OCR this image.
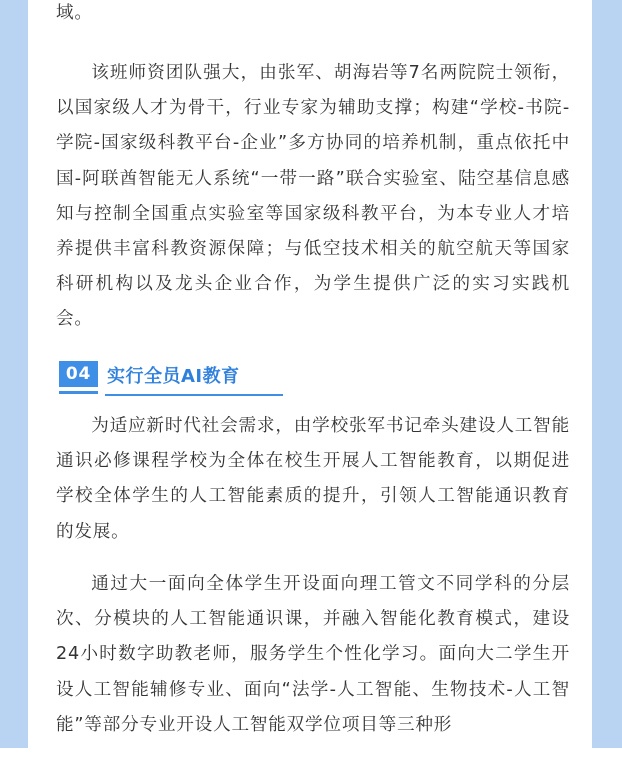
域。

该班师资团队强大，由张军、胡海岩等7名两院院士领衔，以国家级人才为骨干，行业专家为辅助支撑；构建“学校-书院-学院-国家级科教平台-企业”多方协同的培养机制，重点依托中国-阿联酋智能无人系统“一带一路”联合实验室、陆空基信息感知与控制全国重点实验室等国家级科教平台，为本专业人才培养提供丰富科教资源保障；与低空技术相关的航空航天等国家科研机构以及龙头企业合作，为学生提供广泛的实习实践机会。

04 实行全员AI教育

为适应新时代社会需求，由学校张军书记牵头建设人工智能通识必修课程学校为全体在校生开展人工智能教育，以期促进学校全体学生的人工智能素质的提升，引领人工智能通识教育的发展。

通过大一面向全体学生开设面向理工管文不同学科的分层次、分模块的人工智能通识课，并融入智能化教育模式，建设24小时数字助教老师，服务学生个性化学习。面向大二学生开设人工智能辅修专业、面向“法学-人工智能、生物技术-人工智能”等部分专业开设人工智能双学位项目等三种形
